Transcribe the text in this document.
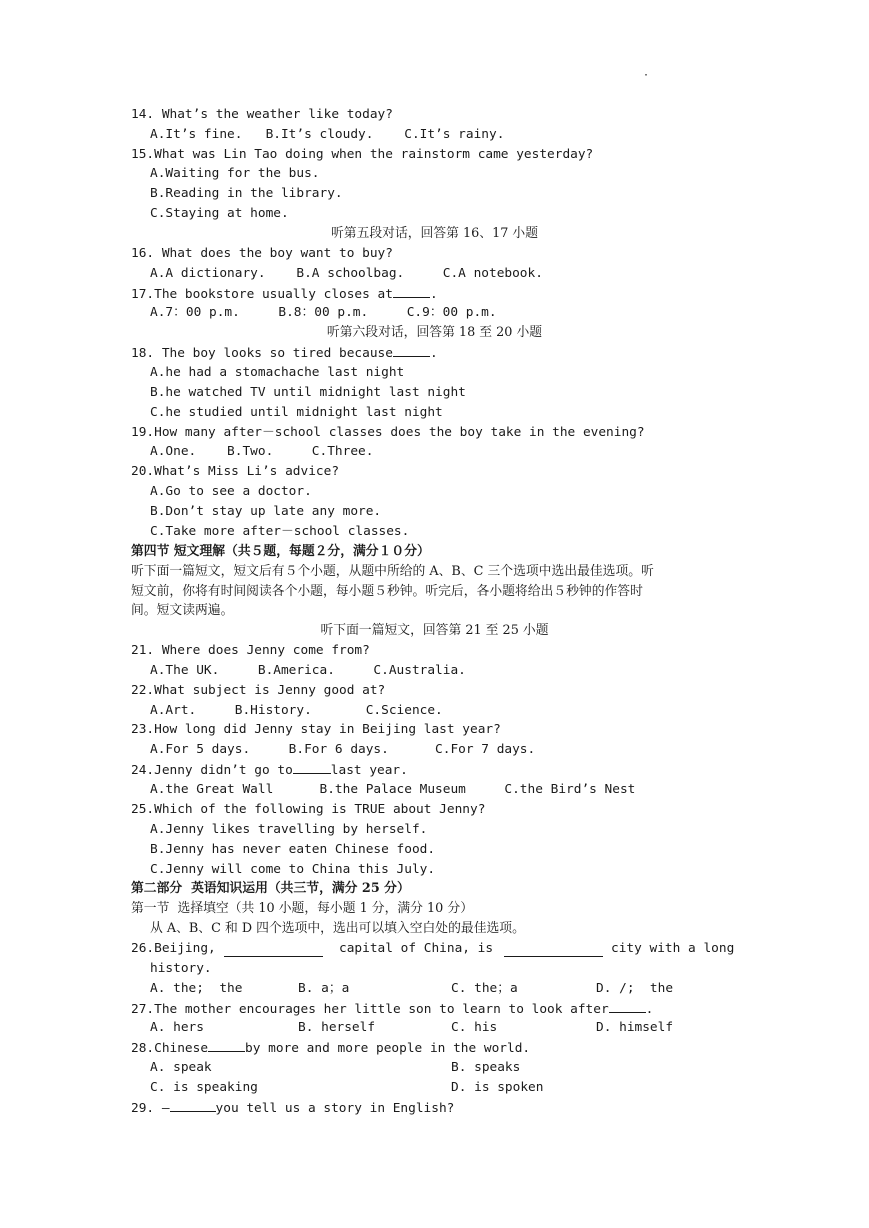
·
14. What’s the weather like today?
A.It’s fine.   B.It’s cloudy.    C.It’s rainy.
15.What was Lin Tao doing when the rainstorm came yesterday?
A.Waiting for the bus.
B.Reading in the library.
C.Staying at home.
听第五段对话，回答第 16、17 小题
16. What does the boy want to buy?
A.A dictionary.    B.A schoolbag.     C.A notebook.
17.The bookstore usually closes at	.
A.7：00 p.m.     B.8：00 p.m.     C.9：00 p.m.
听第六段对话，回答第 18 至 20 小题
18. The boy looks so tired because	.
A.he had a stomachache last night
B.he watched TV until midnight last night
C.he studied until midnight last night
19.How many after－school classes does the boy take in the evening?
A.One.    B.Two.     C.Three.
20.What’s Miss Li’s advice?
A.Go to see a doctor.
B.Don’t stay up late any more.
C.Take more after－school classes.
第四节 短文理解（共５题，每题２分，满分１０分）
听下面一篇短文，短文后有５个小题，从题中所给的 A、B、C 三个选项中选出最佳选项。听
短文前，你将有时间阅读各个小题，每小题５秒钟。听完后，各小题将给出５秒钟的作答时
间。短文读两遍。
听下面一篇短文，回答第 21 至 25 小题
21. Where does Jenny come from?
A.The UK.     B.America.     C.Australia.
22.What subject is Jenny good at?
A.Art.     B.History.       C.Science.
23.How long did Jenny stay in Beijing last year?
A.For 5 days.     B.For 6 days.      C.For 7 days.
24.Jenny didn’t go to	last year.
A.the Great Wall      B.the Palace Museum     C.the Bird’s Nest
25.Which of the following is TRUE about Jenny?
A.Jenny likes travelling by herself.
B.Jenny has never eaten Chinese food.
C.Jenny will come to China this July.
第二部分  英语知识运用（共三节，满分 25 分）
第一节  选择填空（共 10 小题，每小题 1 分，满分 10 分）
从 A、B、C 和 D 四个选项中，选出可以填入空白处的最佳选项。

26.Beijing,

	capital of China, is

	city with a long

history.

A. the;  the

	B. a；a

	C. the；a

	D. /;  the

27.The mother encourages her little son to learn to look after	.

A. hers

	B. herself

	C. his

	D. himself

28.Chinese	by more and more people in the world.

A. speak

	B. speaks

C. is speaking

	D. is spoken

29. —	you tell us a story in English?
